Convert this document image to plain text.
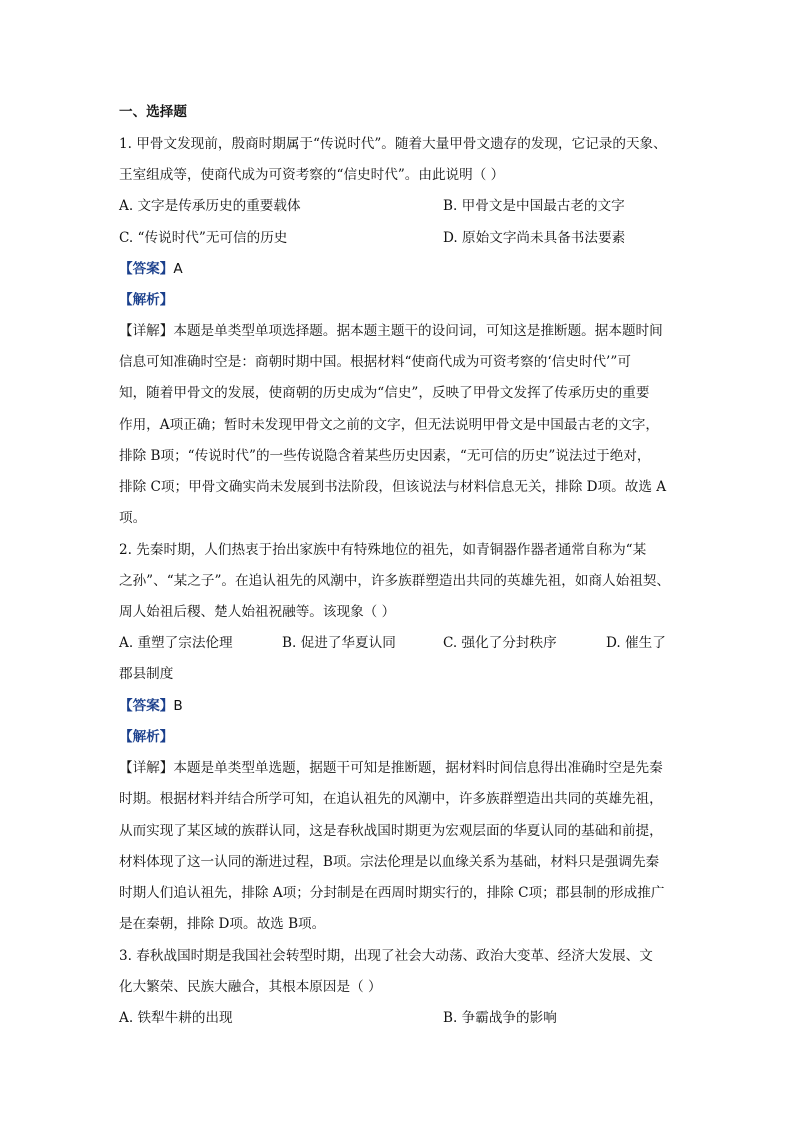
一、选择题
1. 甲骨文发现前，殷商时期属于“传说时代”。随着大量甲骨文遗存的发现，它记录的天象、
王室组成等，使商代成为可资考察的“信史时代”。由此说明（ ）
A. 文字是传承历史的重要载体	B. 甲骨文是中国最古老的文字
C. “传说时代”无可信的历史	D. 原始文字尚未具备书法要素
【答案】A
【解析】
【详解】本题是单类型单项选择题。据本题主题干的设问词，可知这是推断题。据本题时间
信息可知准确时空是：商朝时期中国。根据材料“使商代成为可资考察的‘信史时代’”可
知，随着甲骨文的发展，使商朝的历史成为“信史”，反映了甲骨文发挥了传承历史的重要
作用，A项正确；暂时未发现甲骨文之前的文字，但无法说明甲骨文是中国最古老的文字，
排除 B项；“传说时代”的一些传说隐含着某些历史因素，“无可信的历史”说法过于绝对，
排除 C项；甲骨文确实尚未发展到书法阶段，但该说法与材料信息无关，排除 D项。故选 A
项。
2. 先秦时期，人们热衷于抬出家族中有特殊地位的祖先，如青铜器作器者通常自称为“某
之孙”、“某之子”。在追认祖先的风潮中，许多族群塑造出共同的英雄先祖，如商人始祖契、
周人始祖后稷、楚人始祖祝融等。该现象（ ）
A. 重塑了宗法伦理	B. 促进了华夏认同	C. 强化了分封秩序	D. 催生了
郡县制度
【答案】B
【解析】
【详解】本题是单类型单选题，据题干可知是推断题，据材料时间信息得出准确时空是先秦
时期。根据材料并结合所学可知，在追认祖先的风潮中，许多族群塑造出共同的英雄先祖，
从而实现了某区域的族群认同，这是春秋战国时期更为宏观层面的华夏认同的基础和前提，
材料体现了这一认同的渐进过程，B项。宗法伦理是以血缘关系为基础，材料只是强调先秦
时期人们追认祖先，排除 A项；分封制是在西周时期实行的，排除 C项；郡县制的形成推广
是在秦朝，排除 D项。故选 B项。
3. 春秋战国时期是我国社会转型时期，出现了社会大动荡、政治大变革、经济大发展、文
化大繁荣、民族大融合，其根本原因是（ ）
A. 铁犁牛耕的出现	B. 争霸战争的影响
